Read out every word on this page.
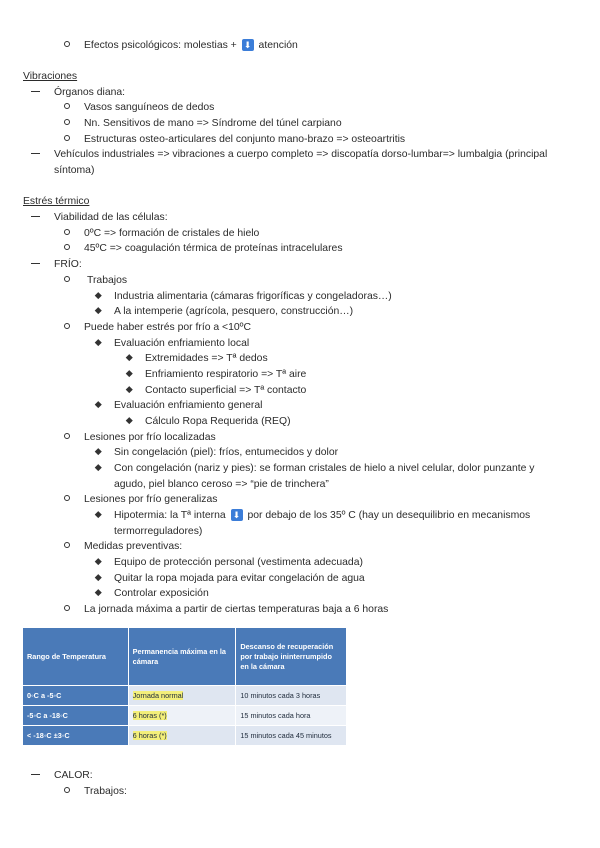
Efectos psicológicos: molestias + ⬇ atención
Vibraciones
Órganos diana:
Vasos sanguíneos de dedos
Nn. Sensitivos de mano => Síndrome del túnel carpiano
Estructuras osteo-articulares del conjunto mano-brazo => osteoartritis
Vehículos industriales => vibraciones a cuerpo completo => discopatía dorso-lumbar=> lumbalgia (principal
síntoma)
Estrés térmico
Viabilidad de las células:
0ºC => formación de cristales de hielo
45ºC => coagulación térmica de proteínas intracelulares
FRÍO:
Trabajos
Industria alimentaria (cámaras frigoríficas y congeladoras…)
A la intemperie (agrícola, pesquero, construcción…)
Puede haber estrés por frío a <10ºC
Evaluación enfriamiento local
Extremidades => Tª dedos
Enfriamiento respiratorio => Tª aire
Contacto superficial => Tª contacto
Evaluación enfriamiento general
Cálculo Ropa Requerida (REQ)
Lesiones por frío localizadas
Sin congelación (piel): fríos, entumecidos y dolor
Con congelación (nariz y pies): se forman cristales de hielo a nivel celular, dolor punzante y
agudo, piel blanco ceroso => “pie de trinchera”
Lesiones por frío generalizas
Hipotermia: la Tª interna ⬇ por debajo de los 35º C (hay un desequilibrio en mecanismos
termorreguladores)
Medidas preventivas:
Equipo de protección personal (vestimenta adecuada)
Quitar la ropa mojada para evitar congelación de agua
Controlar exposición
La jornada máxima a partir de ciertas temperaturas baja a 6 horas
Rango de Temperatura	Permanencia máxima en la cámara	Descanso de recuperación por trabajo ininterrumpido en la cámara
0◦C a -5◦C	Jornada normal	10 minutos cada 3 horas
-5◦C a -18◦C	6 horas (*)	15 minutos cada hora
< -18◦C ±3◦C	6 horas (*)	15 minutos cada 45 minutos
CALOR:
Trabajos:
